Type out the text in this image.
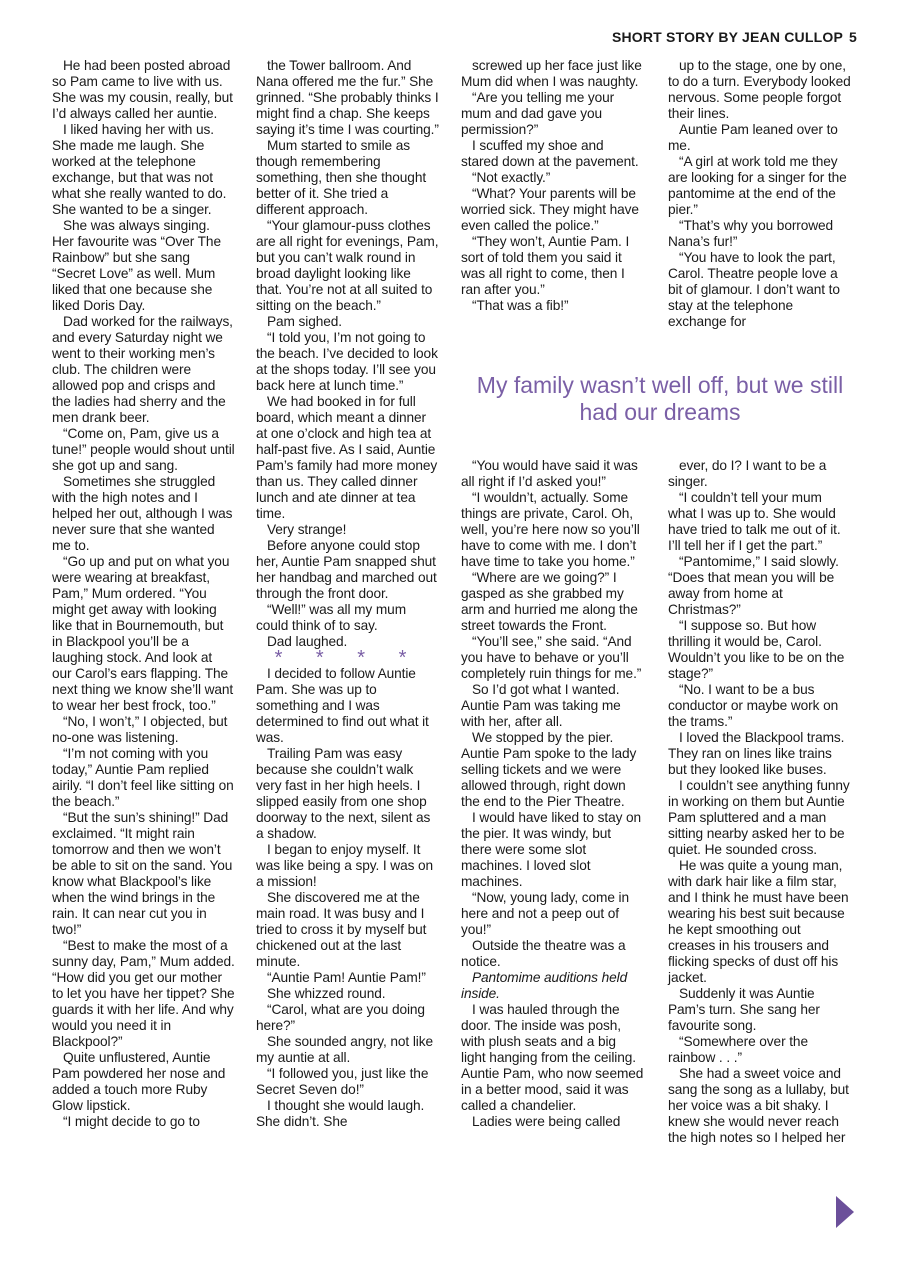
SHORT STORY BY JEAN CULLOP 5

He had been posted abroad so Pam came to live with us. She was my cousin, really, but I’d always called her auntie.

I liked having her with us. She made me laugh. She worked at the telephone exchange, but that was not what she really wanted to do. She wanted to be a singer.

She was always singing. Her favourite was “Over The Rainbow” but she sang “Secret Love” as well. Mum liked that one because she liked Doris Day.

Dad worked for the railways, and every Saturday night we went to their working men’s club. The children were allowed pop and crisps and the ladies had sherry and the men drank beer.

“Come on, Pam, give us a tune!” people would shout until she got up and sang.

Sometimes she struggled with the high notes and I helped her out, although I was never sure that she wanted me to.

“Go up and put on what you were wearing at breakfast, Pam,” Mum ordered. “You might get away with looking like that in Bournemouth, but in Blackpool you’ll be a laughing stock. And look at our Carol’s ears flapping. The next thing we know she’ll want to wear her best frock, too.”

“No, I won’t,” I objected, but no-one was listening.

“I’m not coming with you today,” Auntie Pam replied airily. “I don’t feel like sitting on the beach.”

“But the sun’s shining!” Dad exclaimed. “It might rain tomorrow and then we won’t be able to sit on the sand. You know what Blackpool’s like when the wind brings in the rain. It can near cut you in two!”

“Best to make the most of a sunny day, Pam,” Mum added. “How did you get our mother to let you have her tippet? She guards it with her life. And why would you need it in Blackpool?”

Quite unflustered, Auntie Pam powdered her nose and added a touch more Ruby Glow lipstick.

“I might decide to go to

the Tower ballroom. And Nana offered me the fur.” She grinned. “She probably thinks I might find a chap. She keeps saying it’s time I was courting.”

Mum started to smile as though remembering something, then she thought better of it. She tried a different approach.

“Your glamour-puss clothes are all right for evenings, Pam, but you can’t walk round in broad daylight looking like that. You’re not at all suited to sitting on the beach.”

Pam sighed.

“I told you, I’m not going to the beach. I’ve decided to look at the shops today. I’ll see you back here at lunch time.”

We had booked in for full board, which meant a dinner at one o’clock and high tea at half-past five. As I said, Auntie Pam’s family had more money than us. They called dinner lunch and ate dinner at tea time.

Very strange!

Before anyone could stop her, Auntie Pam snapped shut her handbag and marched out through the front door.

“Well!” was all my mum could think of to say.

Dad laughed.

* * * *

I decided to follow Auntie Pam. She was up to something and I was determined to find out what it was.

Trailing Pam was easy because she couldn’t walk very fast in her high heels. I slipped easily from one shop doorway to the next, silent as a shadow.

I began to enjoy myself. It was like being a spy. I was on a mission!

She discovered me at the main road. It was busy and I tried to cross it by myself but chickened out at the last minute.

“Auntie Pam! Auntie Pam!”

She whizzed round.

“Carol, what are you doing here?”

She sounded angry, not like my auntie at all.

“I followed you, just like the Secret Seven do!”

I thought she would laugh. She didn’t. She

screwed up her face just like Mum did when I was naughty.

“Are you telling me your mum and dad gave you permission?”

I scuffed my shoe and stared down at the pavement.

“Not exactly.”

“What? Your parents will be worried sick. They might have even called the police.”

“They won’t, Auntie Pam. I sort of told them you said it was all right to come, then I ran after you.”

“That was a fib!”

up to the stage, one by one, to do a turn. Everybody looked nervous. Some people forgot their lines.

Auntie Pam leaned over to me.

“A girl at work told me they are looking for a singer for the pantomime at the end of the pier.”

“That’s why you borrowed Nana’s fur!”

“You have to look the part, Carol. Theatre people love a bit of glamour. I don’t want to stay at the telephone exchange for

My family wasn’t well off, but we still had our dreams

“You would have said it was all right if I’d asked you!”

“I wouldn’t, actually. Some things are private, Carol. Oh, well, you’re here now so you’ll have to come with me. I don’t have time to take you home.”

“Where are we going?” I gasped as she grabbed my arm and hurried me along the street towards the Front.

“You’ll see,” she said. “And you have to behave or you’ll completely ruin things for me.”

So I’d got what I wanted. Auntie Pam was taking me with her, after all.

We stopped by the pier. Auntie Pam spoke to the lady selling tickets and we were allowed through, right down the end to the Pier Theatre.

I would have liked to stay on the pier. It was windy, but there were some slot machines. I loved slot machines.

“Now, young lady, come in here and not a peep out of you!”

Outside the theatre was a notice.

Pantomime auditions held inside.

I was hauled through the door. The inside was posh, with plush seats and a big light hanging from the ceiling. Auntie Pam, who now seemed in a better mood, said it was called a chandelier.

Ladies were being called

ever, do I? I want to be a singer.

“I couldn’t tell your mum what I was up to. She would have tried to talk me out of it. I’ll tell her if I get the part.”

“Pantomime,” I said slowly. “Does that mean you will be away from home at Christmas?”

“I suppose so. But how thrilling it would be, Carol. Wouldn’t you like to be on the stage?”

“No. I want to be a bus conductor or maybe work on the trams.”

I loved the Blackpool trams. They ran on lines like trains but they looked like buses.

I couldn’t see anything funny in working on them but Auntie Pam spluttered and a man sitting nearby asked her to be quiet. He sounded cross.

He was quite a young man, with dark hair like a film star, and I think he must have been wearing his best suit because he kept smoothing out creases in his trousers and flicking specks of dust off his jacket.

Suddenly it was Auntie Pam’s turn. She sang her favourite song.

“Somewhere over the rainbow . . .”

She had a sweet voice and sang the song as a lullaby, but her voice was a bit shaky. I knew she would never reach the high notes so I helped her
